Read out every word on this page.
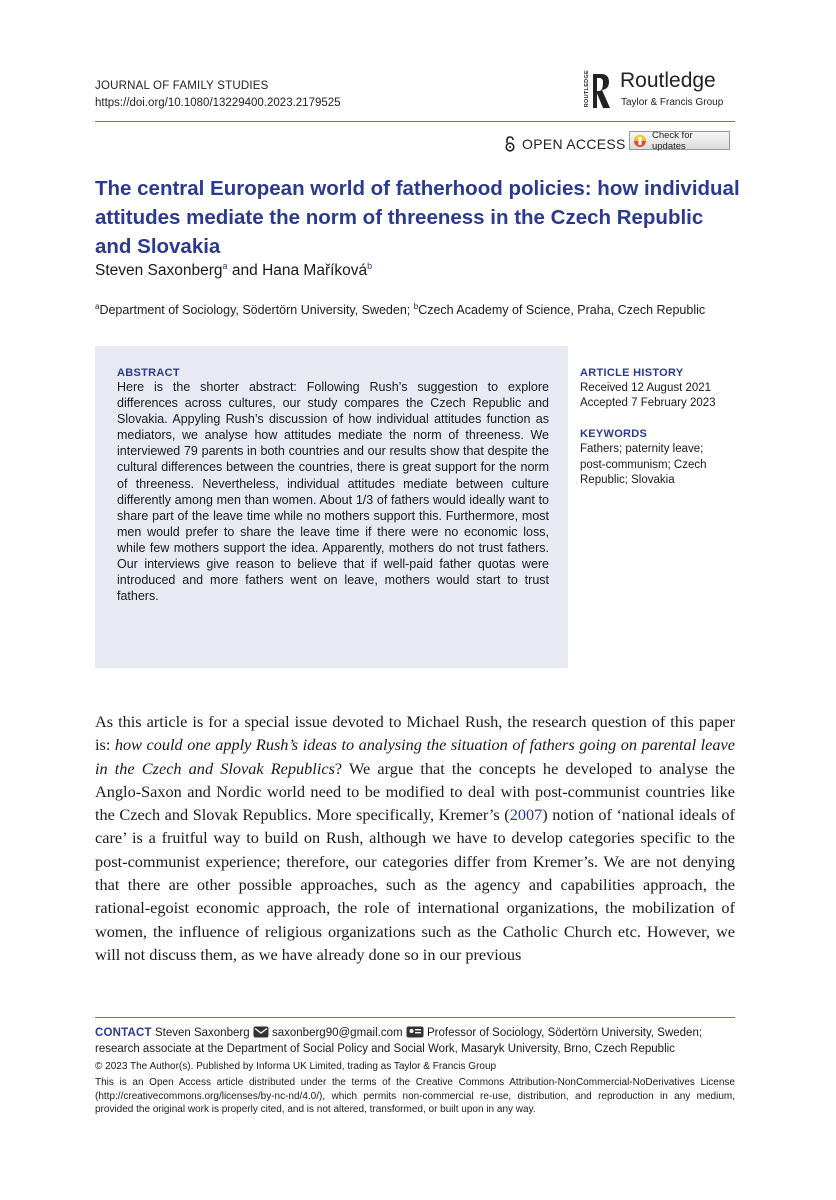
JOURNAL OF FAMILY STUDIES
https://doi.org/10.1080/13229400.2023.2179525	ROUTLEDGE Routledge
Taylor & Francis Group
OPEN ACCESS
Check for updates
The central European world of fatherhood policies: how individual attitudes mediate the norm of threeness in the Czech Republic and Slovakia
Steven Saxonberg$^a$ and Hana Maříková$^b$
$^a$Department of Sociology, Södertörn University, Sweden; $^b$Czech Academy of Science, Praha, Czech Republic
ABSTRACT
Here is the shorter abstract: Following Rush’s suggestion to explore differences across cultures, our study compares the Czech Republic and Slovakia. Appyling Rush’s discussion of how individual attitudes function as mediators, we analyse how attitudes mediate the norm of threeness. We interviewed 79 parents in both countries and our results show that despite the cultural differences between the countries, there is great support for the norm of threeness. Nevertheless, individual attitudes mediate between culture differently among men than women. About 1/3 of fathers would ideally want to share part of the leave time while no mothers support this. Furthermore, most men would prefer to share the leave time if there were no economic loss, while few mothers support the idea. Apparently, mothers do not trust fathers. Our interviews give reason to believe that if well-paid father quotas were introduced and more fathers went on leave, mothers would start to trust fathers.
ARTICLE HISTORY
Received 12 August 2021
Accepted 7 February 2023
KEYWORDS
Fathers; paternity leave; post-communism; Czech Republic; Slovakia
As this article is for a special issue devoted to Michael Rush, the research question of this paper is: how could one apply Rush’s ideas to analysing the situation of fathers going on parental leave in the Czech and Slovak Republics? We argue that the concepts he developed to analyse the Anglo-Saxon and Nordic world need to be modified to deal with post-communist countries like the Czech and Slovak Republics. More specifically, Kremer’s (2007) notion of ‘national ideals of care’ is a fruitful way to build on Rush, although we have to develop categories specific to the post-communist experience; therefore, our categories differ from Kremer’s. We are not denying that there are other possible approaches, such as the agency and capabilities approach, the rational-egoist economic approach, the role of international organizations, the mobilization of women, the influence of religious organizations such as the Catholic Church etc. However, we will not discuss them, as we have already done so in our previous
CONTACT Steven Saxonberg saxonberg90@gmail.com Professor of Sociology, Södertörn University, Sweden; research associate at the Department of Social Policy and Social Work, Masaryk University, Brno, Czech Republic
© 2023 The Author(s). Published by Informa UK Limited, trading as Taylor & Francis Group
This is an Open Access article distributed under the terms of the Creative Commons Attribution-NonCommercial-NoDerivatives License (http://creativecommons.org/licenses/by-nc-nd/4.0/), which permits non-commercial re-use, distribution, and reproduction in any medium, provided the original work is properly cited, and is not altered, transformed, or built upon in any way.
